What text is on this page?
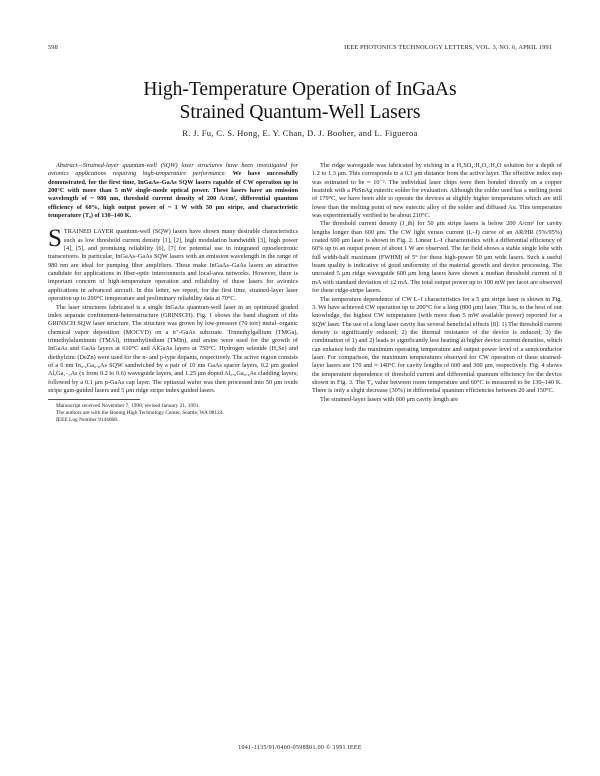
598	IEEE PHOTONICS TECHNOLOGY LETTERS, VOL. 3, NO. 6, APRIL 1991
High-Temperature Operation of InGaAs
Strained Quantum-Well Lasers
R. J. Fu, C. S. Hong, E. Y. Chan, D. J. Booher, and L. Figueroa

Abstract—Strained-layer quantum-well (SQW) laser structures have been investigated for avionics applications requiring high-temperature performance. We have successfully demonstrated, for the first time, InGaAs–GaAs SQW lasers capable of CW operation up to 200°C with more than 5 mW single-mode optical power. These lasers have an emission wavelength of ~ 980 nm, threshold current density of 200 A/cm², differential quantum efficiency of 60%, high output power of ~ 1 W with 50 μm stripe, and characteristic temperature (T₀) of 130–140 K.

STRAINED LAYER quantum-well (SQW) lasers have shown many desirable characteristics such as low threshold current density [1], [2], high modulation bandwidth [3], high power [4], [5], and promising reliability [6], [7] for potential use in integrated optoelectronic transceivers. In particular, InGaAs–GaAs SQW lasers with an emission wavelength in the range of 980 nm are ideal for pumping fiber amplifiers. These make InGaAs–GaAs lasers an attractive candidate for applications in fiber-optic interconnects and local-area networks. However, there is important concern of high-temperature operation and reliability of these lasers for avionics applications in advanced aircraft. In this letter, we report, for the first time, strained-layer laser operation up to 200°C temperature and preliminary reliability data at 70°C.

The laser structures fabricated is a single InGaAs quantum-well laser in an optimized graded index separate confinement-heterostructure (GRINSCH). Fig. 1 shows the band diagram of this GRINSCH SQW laser structure. The structure was grown by low-pressure (70 torr) metal–organic chemical vapor deposition (MOCVD) on a n⁺-GaAs substrate. Trimethylgallium (TMGa), trimethylaluminum (TMAl), trimethylindium (TMIn), and arsine were used for the growth of InGaAs and GaAs layers at 610°C and AlGaAs layers at 750°C. Hydrogen selenide (H₂Se) and diethylzinc (DeZn) were used for the n- and p-type dopants, respectively. The active region consists of a 6 nm In₀.₂Ga₀.₈As SQW sandwiched by a pair of 10 nm GaAs spacer layers, 0.2 μm graded AlₓGa₁₋ₓAs (x from 0.2 to 0.6) waveguide layers, and 1.25 μm doped Al₀.₆Ga₀.₄As cladding layers; followed by a 0.1 μm p-GaAs cap layer. The epitaxial wafer was then processed into 50 μm oxide stripe gain-guided lasers and 5 μm ridge stripe index guided lasers.

Manuscript received November 7, 1990; revised January 21, 1991.

The authors are with the Boeing High Technology Center, Seattle, WA 98124.

IEEE Log Number 9144068.

The ridge waveguide was fabricated by etching in a H₂SO₄:H₂O₂:H₂O solution for a depth of 1.2 to 1.3 μm. This corresponds to a 0.3 μm distance from the active layer. The effective index step was estimated to be ≈ 10⁻². The individual laser chips were then bonded directly on a copper heatsink with a PbSnAg eutectic solder for evaluation. Although the solder used has a melting point of 179°C, we have been able to operate the devices at slightly higher temperatures which are still lower than the melting point of new eutectic alloy of the solder and diffused Au. This temperature was experimentally verified to be about 210°C.

The threshold current density (J_th) for 50 μm stripe lasers is below 200 A/cm² for cavity lengths longer than 600 μm. The CW light versus current (L–I) curve of an AR/HR (5%/95%) coated 600 μm laser is shown in Fig. 2. Linear L–I characteristics with a differential efficiency of 60% up to an output power of about 1 W are observed. The far field shows a stable single lobe with full width-half maximum (FWHM) of 5° for these high-power 50 μm wide lasers. Such a useful beam quality is indicative of good uniformity of the material growth and device processing. The uncoated 5 μm ridge waveguide 600 μm long lasers have shown a median threshold current of 8 mA with standard deviation of ±2 mA. The total output power up to 100 mW per facet are observed for these ridge-stripe lasers.

The temperature dependence of CW L–I characteristics for a 5 μm stripe laser is shown in Fig. 3. We have achieved CW operation up to 200°C for a long (800 μm) laser. This is, to the best of our knowledge, the highest CW temperature (with more than 5 mW available power) reported for a SQW laser. The use of a long laser cavity has several beneficial effects [8]: 1) The threshold current density is significantly reduced; 2) the thermal resistance of the device is reduced; 3) the combination of 1) and 2) leads to significantly less heating at higher device current densities, which can enhance both the maximum operating temperature and output power level of a semiconductor laser. For comparison, the maximum temperatures observed for CW operation of these strained-layer lasers are 170 and ≈ 140°C for cavity lengths of 600 and 300 μm, respectively. Fig. 4 shows the temperature dependence of threshold current and differential quantum efficiency for the device shown in Fig. 3. The T₀ value between room temperature and 60°C is measured to be 130–140 K. There is only a slight decrease (30%) in differential quantum efficiencies between 20 and 150°C.

The strained-layer lasers with 600 μm cavity length are

1041-1135/91/0400-0598$01.00 © 1991 IEEE
